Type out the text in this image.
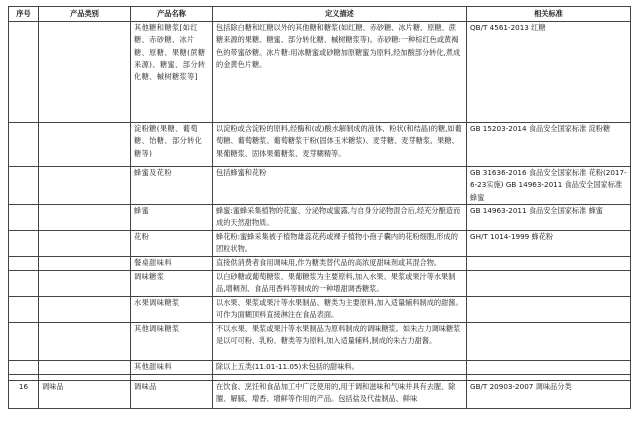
序号	产品类别	产品名称	定义描述	相关标准
		其他糖和糖浆[如红糖、赤砂糖、冰片糖、原糖、果糖(蔗糖来源)、糖蜜、部分转化糖、槭树糖浆等]	包括除白糖和红糖以外的其他糖和糖浆(如红糖、赤砂糖、冰片糖、原糖、蔗糖来源的果糖、糖蜜、部分转化糖、槭树糖浆等)。赤砂糖:一种棕红色或黄褐色的带蜜砂糖。冰片糖:用冰糖蜜或砂糖加原糖蜜为原料,经加酸部分转化,煮成的金黄色片糖。	QB/T 4561-2013 红糖
		淀粉糖(果糖、葡萄糖、饴糖、部分转化糖等)	以淀粉或含淀粉的原料,经酶和(或)酸水解制成的液体、粉状(和结晶)的糖,如葡萄糖、葡萄糖浆、葡萄糖浆干粉(固体玉米糖浆)、麦芽糖、麦芽糖浆、果糖、果葡糖浆、固体果葡糖浆、麦芽糊精等。	GB 15203-2014 食品安全国家标准 淀粉糖
		蜂蜜及花粉	包括蜂蜜和花粉	GB 31636-2016 食品安全国家标准 花粉(2017-6-23实施) GB 14963-2011 食品安全国家标准 蜂蜜
		蜂蜜	蜂蜜:蜜蜂采集植物的花蜜、分泌物或蜜露,与自身分泌物混合后,经充分酿造而成的天然甜物质。	GB 14963-2011 食品安全国家标准 蜂蜜
		花粉	蜂花粉:蜜蜂采集被子植物雄蕊花药或裸子植物小孢子囊内的花粉细胞,形成的团粒状物。	GH/T 1014-1999 蜂花粉
		餐桌甜味料	直接供消费者食用调味用,作为糖类替代品的高浓度甜味剂或其混合物。	
		调味糖浆	以白砂糖或葡萄糖浆、果葡糖浆为主要原料,加入水果、果浆或果汁等水果制品,增稠剂、食品用香料等制成的一种增甜调香糖浆。	
		水果调味糖浆	以水果、果浆或果汁等水果制品、糖类为主要原料,加入适量辅料制成的甜酱。可作为面糊顶料直接淋注在食品表面。	
		其他调味糖浆	不以水果、果浆或果汁等水果制品为原料制成的调味糖浆。如朱古力调味糖浆是以可可粉、乳粉、糖类等为原料,加入适量辅料,制成的朱古力甜酱。	
		其他甜味料	除以上五类(11.01-11.05)未包括的甜味料。	

16	调味品	调味品	在饮食、烹饪和食品加工中广泛使用的,用于调和滋味和气味并具有去腥、除膻、解腻、增香、增鲜等作用的产品。包括盐及代盐制品、鲜味	GB/T 20903-2007 调味品分类
